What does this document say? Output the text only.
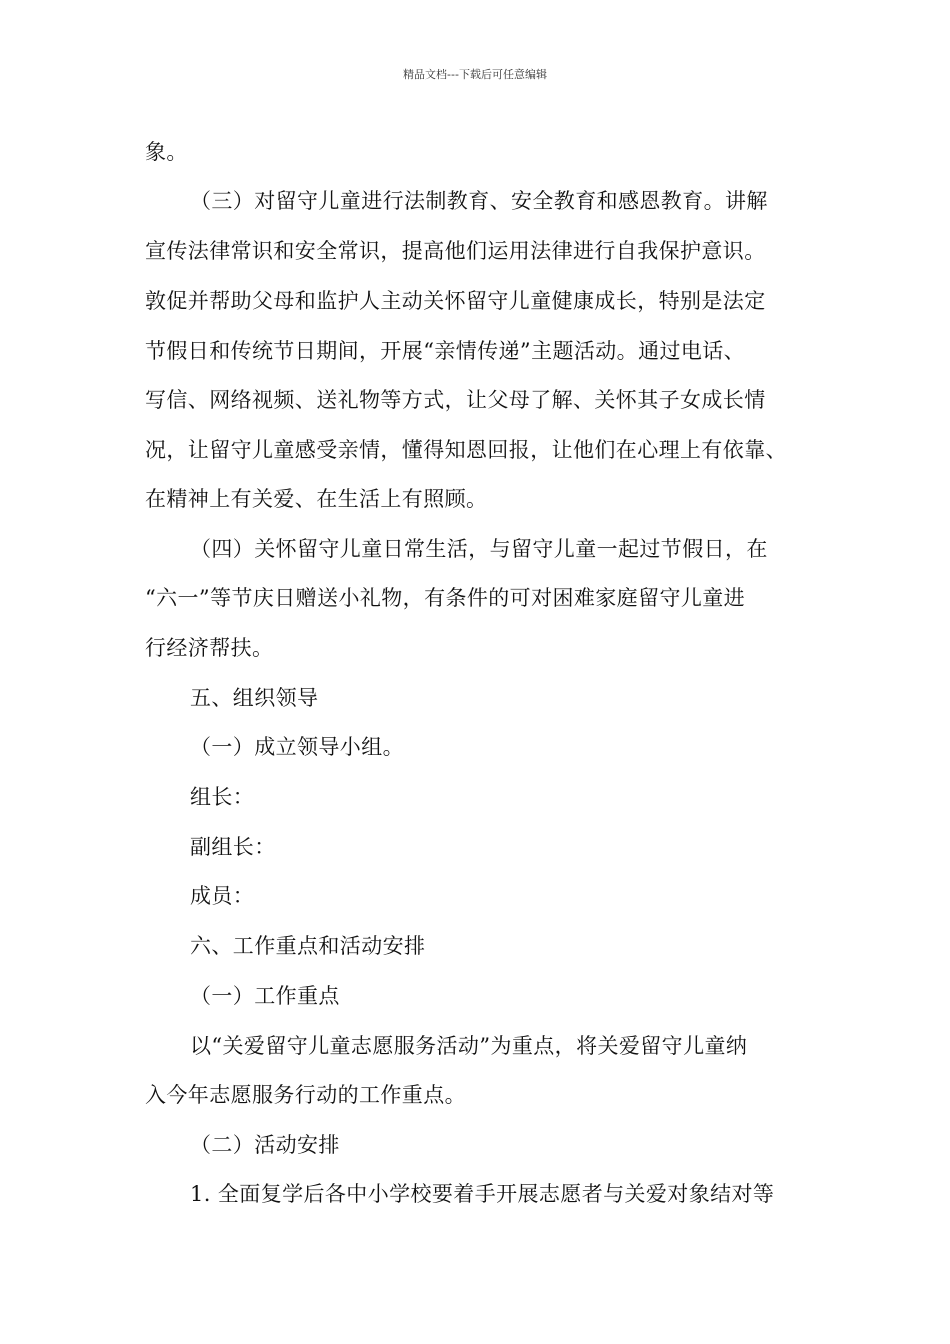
精品文档---下载后可任意编辑
象。
（三）对留守儿童进行法制教育、安全教育和感恩教育。讲解
宣传法律常识和安全常识，提高他们运用法律进行自我保护意识。
敦促并帮助父母和监护人主动关怀留守儿童健康成长，特别是法定
节假日和传统节日期间，开展“亲情传递”主题活动。通过电话、
写信、网络视频、送礼物等方式，让父母了解、关怀其子女成长情
况，让留守儿童感受亲情，懂得知恩回报，让他们在心理上有依靠、
在精神上有关爱、在生活上有照顾。
（四）关怀留守儿童日常生活，与留守儿童一起过节假日，在
“六一”等节庆日赠送小礼物，有条件的可对困难家庭留守儿童进
行经济帮扶。
五、组织领导
（一）成立领导小组。
组长：
副组长：
成员：
六、工作重点和活动安排
（一）工作重点
以“关爱留守儿童志愿服务活动”为重点，将关爱留守儿童纳
入今年志愿服务行动的工作重点。
（二）活动安排
1. 全面复学后各中小学校要着手开展志愿者与关爱对象结对等
